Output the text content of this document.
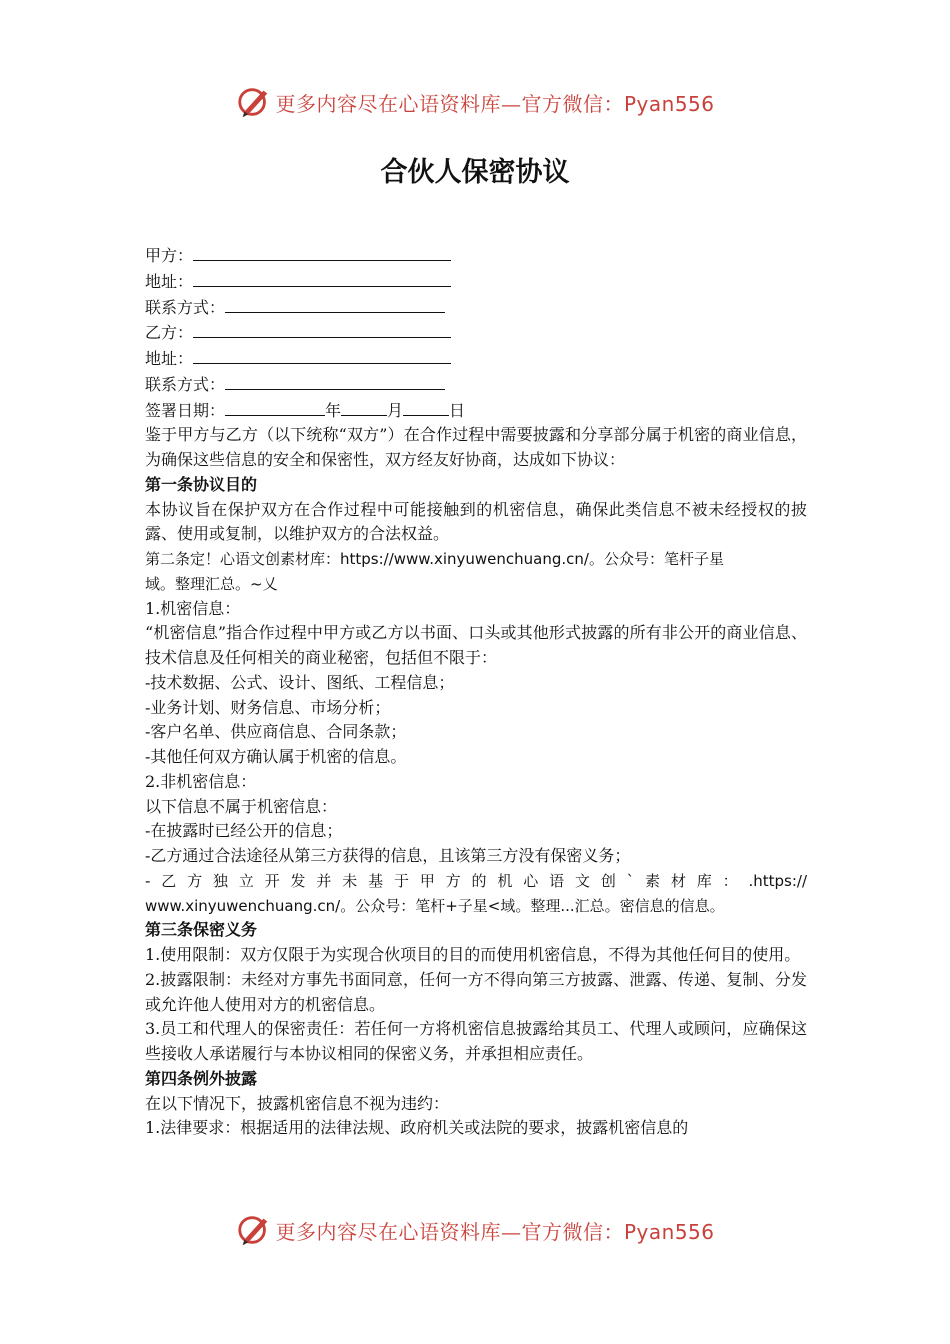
更多内容尽在心语资料库—官方微信：Pyan556
合伙人保密协议
甲方：
地址：
联系方式：
乙方：
地址：
联系方式：
签署日期：	年	月	日
鉴于甲方与乙方（以下统称“双方”）在合作过程中需要披露和分享部分属于机密的商业信息，为确保这些信息的安全和保密性，双方经友好协商，达成如下协议：
第一条协议目的
本协议旨在保护双方在合作过程中可能接触到的机密信息，确保此类信息不被未经授权的披露、使用或复制，以维护双方的合法权益。
第二条定！心语文创素材库：https://www.xinyuwenchuang.cn/。公众号：笔杆子星
域。整理汇总。~乂
1.机密信息：
“机密信息”指合作过程中甲方或乙方以书面、口头或其他形式披露的所有非公开的商业信息、技术信息及任何相关的商业秘密，包括但不限于：
-技术数据、公式、设计、图纸、工程信息；
-业务计划、财务信息、市场分析；
-客户名单、供应商信息、合同条款；
-其他任何双方确认属于机密的信息。
2.非机密信息：
以下信息不属于机密信息：
-在披露时已经公开的信息；
-乙方通过合法途径从第三方获得的信息，且该第三方没有保密义务；
-乙方独立开发并未基于甲方的机心语文创`素材库：.https://
www.xinyuwenchuang.cn/。公众号：笔杆+子星<域。整理...汇总。密信息的信息。
第三条保密义务
1.使用限制：双方仅限于为实现合伙项目的目的而使用机密信息，不得为其他任何目的使用。
2.披露限制：未经对方事先书面同意，任何一方不得向第三方披露、泄露、传递、复制、分发或允许他人使用对方的机密信息。
3.员工和代理人的保密责任：若任何一方将机密信息披露给其员工、代理人或顾问，应确保这些接收人承诺履行与本协议相同的保密义务，并承担相应责任。
第四条例外披露
在以下情况下，披露机密信息不视为违约：
1.法律要求：根据适用的法律法规、政府机关或法院的要求，披露机密信息的
更多内容尽在心语资料库—官方微信：Pyan556
